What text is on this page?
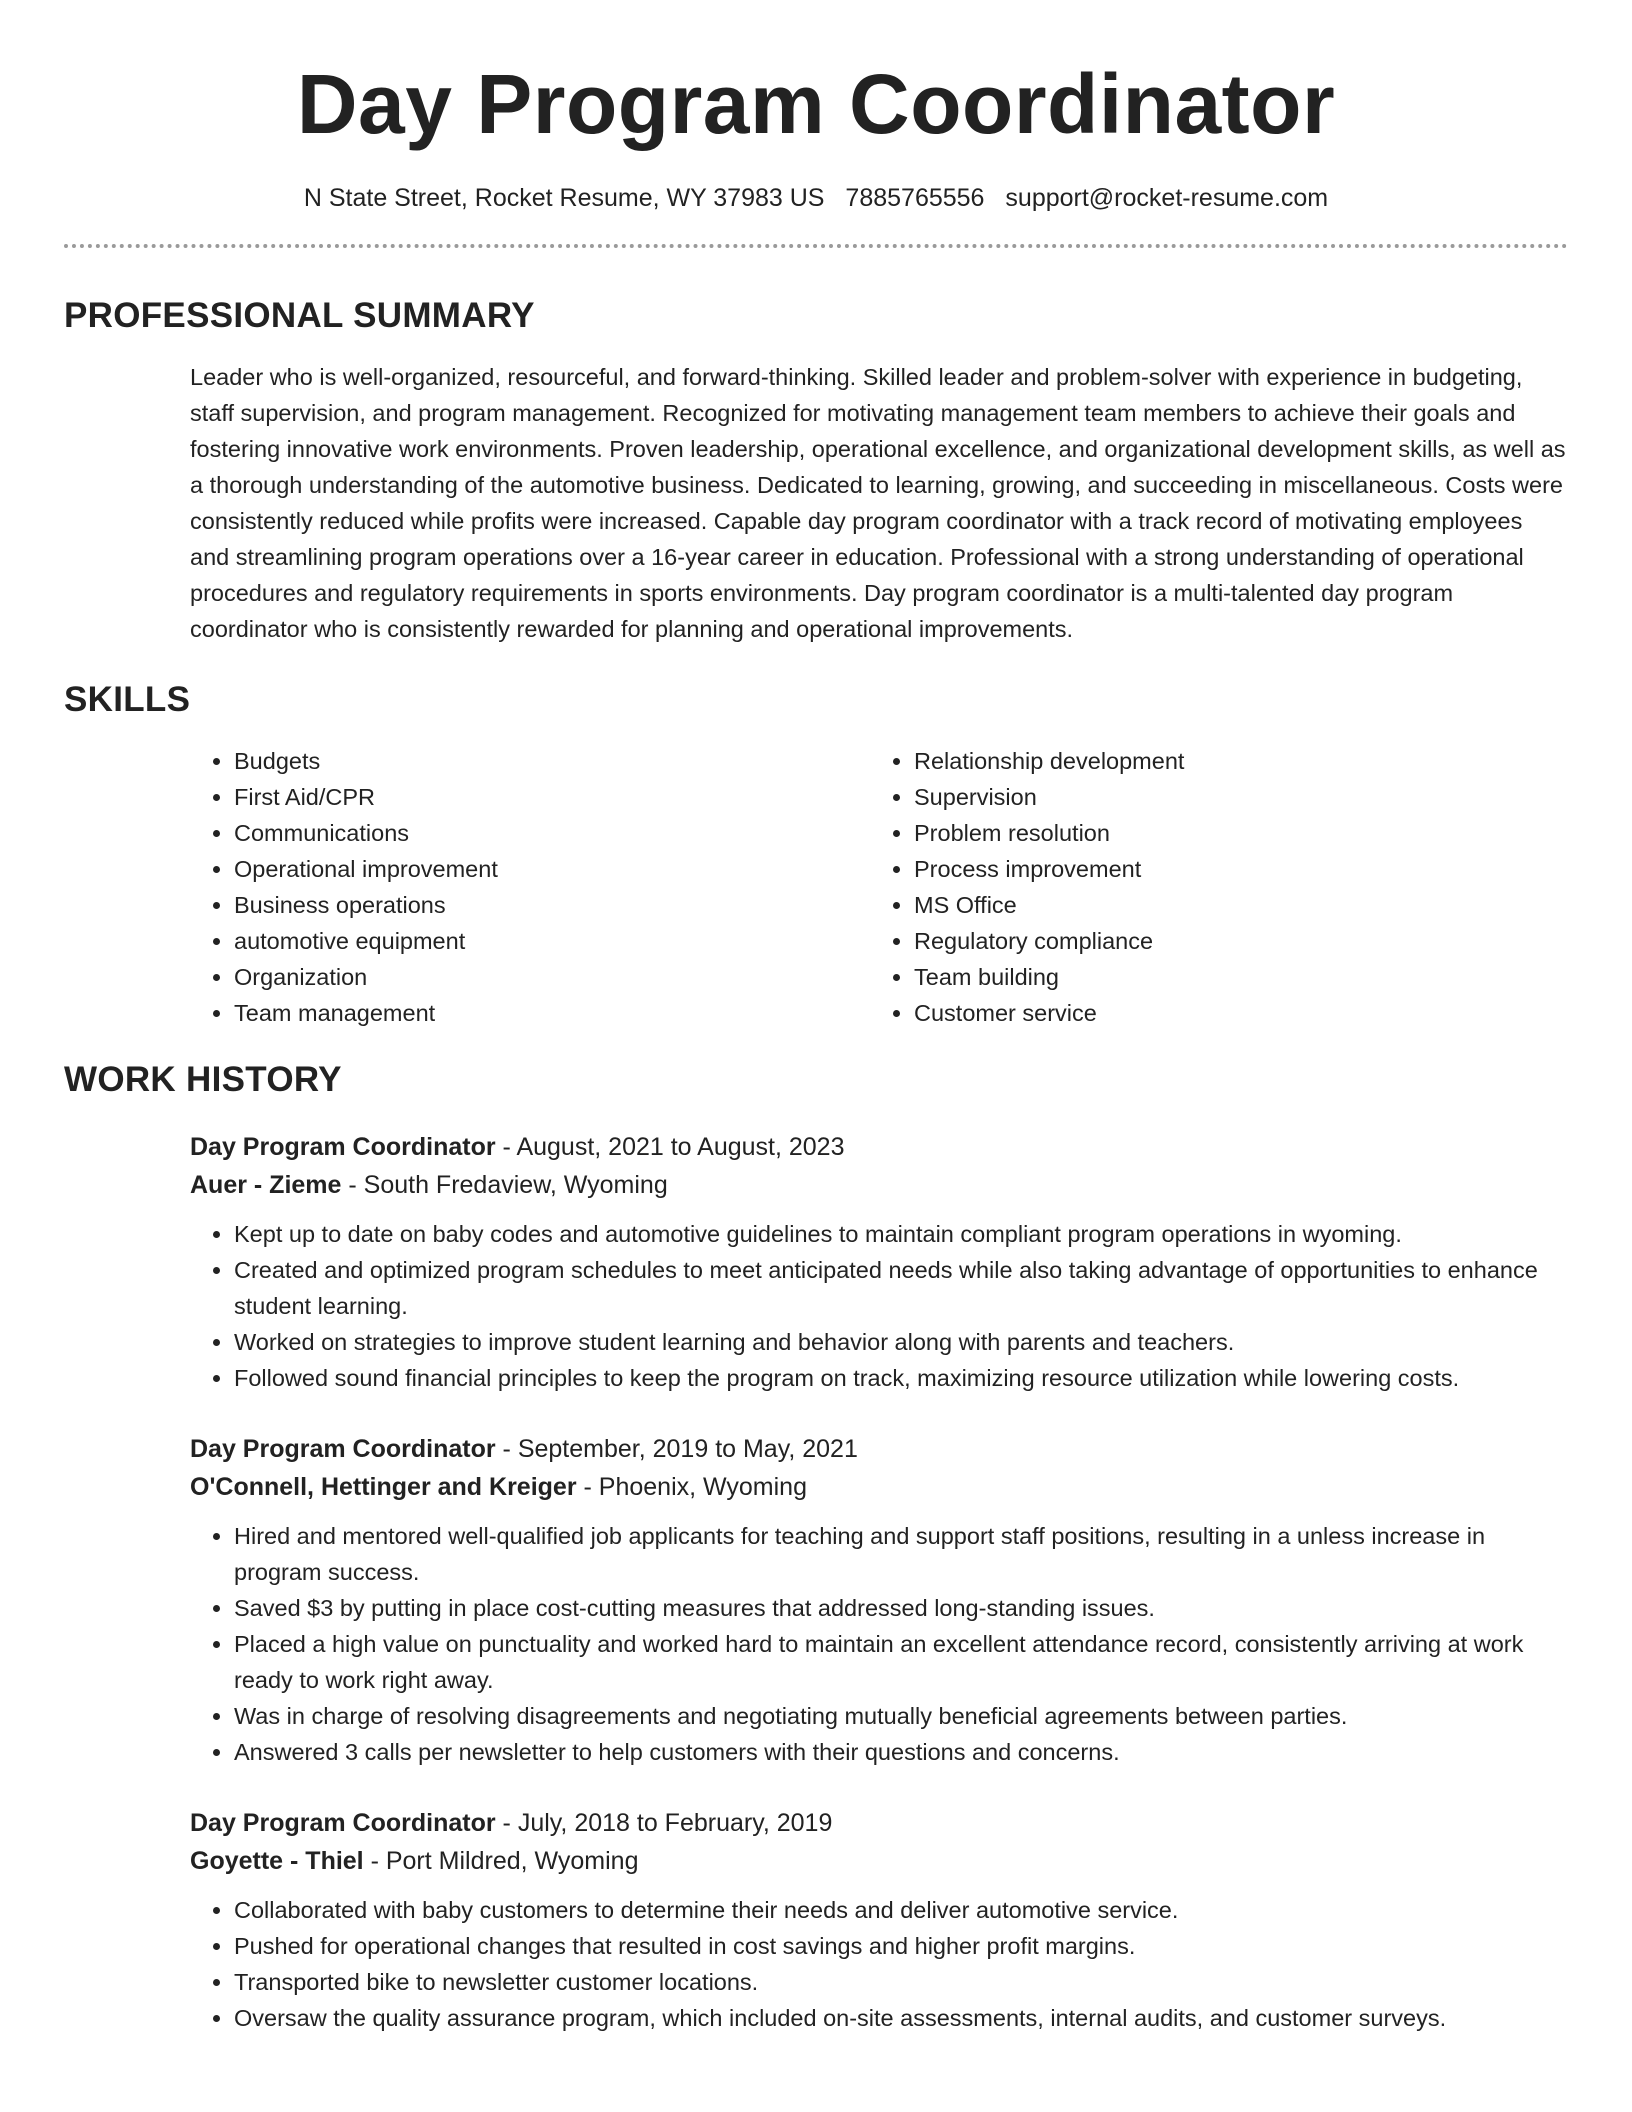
Day Program Coordinator
N State Street, Rocket Resume, WY 37983 US 7885765556 support@rocket-resume.com
PROFESSIONAL SUMMARY
Leader who is well-organized, resourceful, and forward-thinking. Skilled leader and problem-solver with experience in budgeting, staff supervision, and program management. Recognized for motivating management team members to achieve their goals and fostering innovative work environments. Proven leadership, operational excellence, and organizational development skills, as well as a thorough understanding of the automotive business. Dedicated to learning, growing, and succeeding in miscellaneous. Costs were consistently reduced while profits were increased. Capable day program coordinator with a track record of motivating employees and streamlining program operations over a 16-year career in education. Professional with a strong understanding of operational procedures and regulatory requirements in sports environments. Day program coordinator is a multi-talented day program coordinator who is consistently rewarded for planning and operational improvements.
SKILLS
• Budgets
• First Aid/CPR
• Communications
• Operational improvement
• Business operations
• automotive equipment
• Organization
• Team management
• Relationship development
• Supervision
• Problem resolution
• Process improvement
• MS Office
• Regulatory compliance
• Team building
• Customer service
WORK HISTORY
Day Program Coordinator - August, 2021 to August, 2023
Auer - Zieme - South Fredaview, Wyoming
• Kept up to date on baby codes and automotive guidelines to maintain compliant program operations in wyoming.
• Created and optimized program schedules to meet anticipated needs while also taking advantage of opportunities to enhance student learning.
• Worked on strategies to improve student learning and behavior along with parents and teachers.
• Followed sound financial principles to keep the program on track, maximizing resource utilization while lowering costs.
Day Program Coordinator - September, 2019 to May, 2021
O'Connell, Hettinger and Kreiger - Phoenix, Wyoming
• Hired and mentored well-qualified job applicants for teaching and support staff positions, resulting in a unless increase in program success.
• Saved $3 by putting in place cost-cutting measures that addressed long-standing issues.
• Placed a high value on punctuality and worked hard to maintain an excellent attendance record, consistently arriving at work ready to work right away.
• Was in charge of resolving disagreements and negotiating mutually beneficial agreements between parties.
• Answered 3 calls per newsletter to help customers with their questions and concerns.
Day Program Coordinator - July, 2018 to February, 2019
Goyette - Thiel - Port Mildred, Wyoming
• Collaborated with baby customers to determine their needs and deliver automotive service.
• Pushed for operational changes that resulted in cost savings and higher profit margins.
• Transported bike to newsletter customer locations.
• Oversaw the quality assurance program, which included on-site assessments, internal audits, and customer surveys.
